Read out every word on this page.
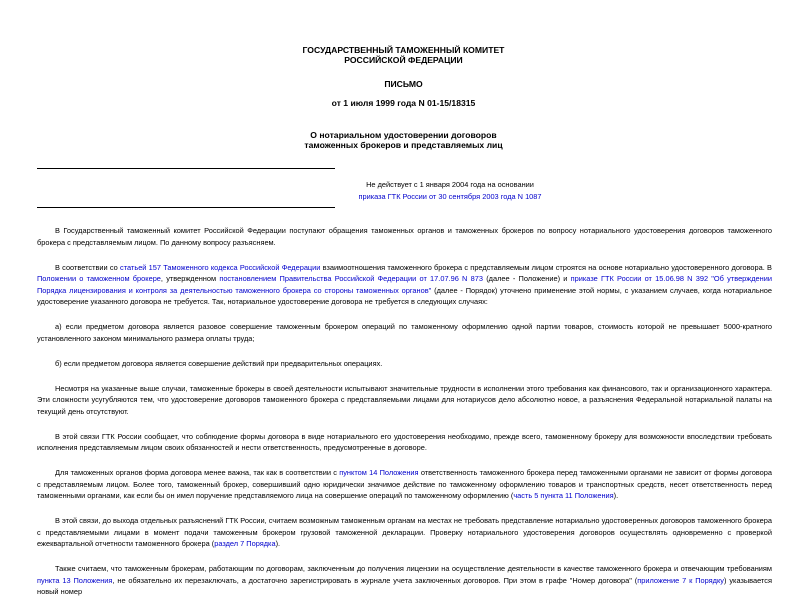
ГОСУДАРСТВЕННЫЙ ТАМОЖЕННЫЙ КОМИТЕТ
РОССИЙСКОЙ ФЕДЕРАЦИИ
ПИСЬМО
от 1 июля 1999 года N 01-15/18315
О нотариальном удостоверении договоров
таможенных брокеров и представляемых лиц
Не действует с 1 января 2004 года на основании
приказа ГТК России от 30 сентября 2003 года N 1087

В Государственный таможенный комитет Российской Федерации поступают обращения таможенных органов и таможенных брокеров по вопросу нотариального удостоверения договоров таможенного брокера с представляемым лицом. По данному вопросу разъясняем.

В соответствии со статьей 157 Таможенного кодекса Российской Федерации взаимоотношения таможенного брокера с представляемым лицом строятся на основе нотариально удостоверенного договора. В Положении о таможенном брокере, утвержденном постановлением Правительства Российской Федерации от 17.07.96 N 873 (далее - Положение) и приказе ГТК России от 15.06.98 N 392 "Об утверждении Порядка лицензирования и контроля за деятельностью таможенного брокера со стороны таможенных органов" (далее - Порядок) уточнено применение этой нормы, с указанием случаев, когда нотариальное удостоверение указанного договора не требуется. Так, нотариальное удостоверение договора не требуется в следующих случаях:

а) если предметом договора является разовое совершение таможенным брокером операций по таможенному оформлению одной партии товаров, стоимость которой не превышает 5000-кратного установленного законом минимального размера оплаты труда;

б) если предметом договора является совершение действий при предварительных операциях.

Несмотря на указанные выше случаи, таможенные брокеры в своей деятельности испытывают значительные трудности в исполнении этого требования как финансового, так и организационного характера. Эти сложности усугубляются тем, что удостоверение договоров таможенного брокера с представляемыми лицами для нотариусов дело абсолютно новое, а разъяснения Федеральной нотариальной палаты на текущий день отсутствуют.

В этой связи ГТК России сообщает, что соблюдение формы договора в виде нотариального его удостоверения необходимо, прежде всего, таможенному брокеру для возможности впоследствии требовать исполнения представляемым лицом своих обязанностей и нести ответственность, предусмотренные в договоре.

Для таможенных органов форма договора менее важна, так как в соответствии с пунктом 14 Положения ответственность таможенного брокера перед таможенными органами не зависит от формы договора с представляемым лицом. Более того, таможенный брокер, совершивший одно юридически значимое действие по таможенному оформлению товаров и транспортных средств, несет ответственность перед таможенными органами, как если бы он имел поручение представляемого лица на совершение операций по таможенному оформлению (часть 5 пункта 11 Положения).

В этой связи, до выхода отдельных разъяснений ГТК России, считаем возможным таможенным органам на местах не требовать представление нотариально удостоверенных договоров таможенного брокера с представляемыми лицами в момент подачи таможенным брокером грузовой таможенной декларации. Проверку нотариального удостоверения договоров осуществлять одновременно с проверкой ежеквартальной отчетности таможенного брокера (раздел 7 Порядка).

Также считаем, что таможенным брокерам, работающим по договорам, заключенным до получения лицензии на осуществление деятельности в качестве таможенного брокера и отвечающим требованиям пункта 13 Положения, не обязательно их перезаключать, а достаточно зарегистрировать в журнале учета заключенных договоров. При этом в графе "Номер договора" (приложение 7 к Порядку) указывается новый номер
